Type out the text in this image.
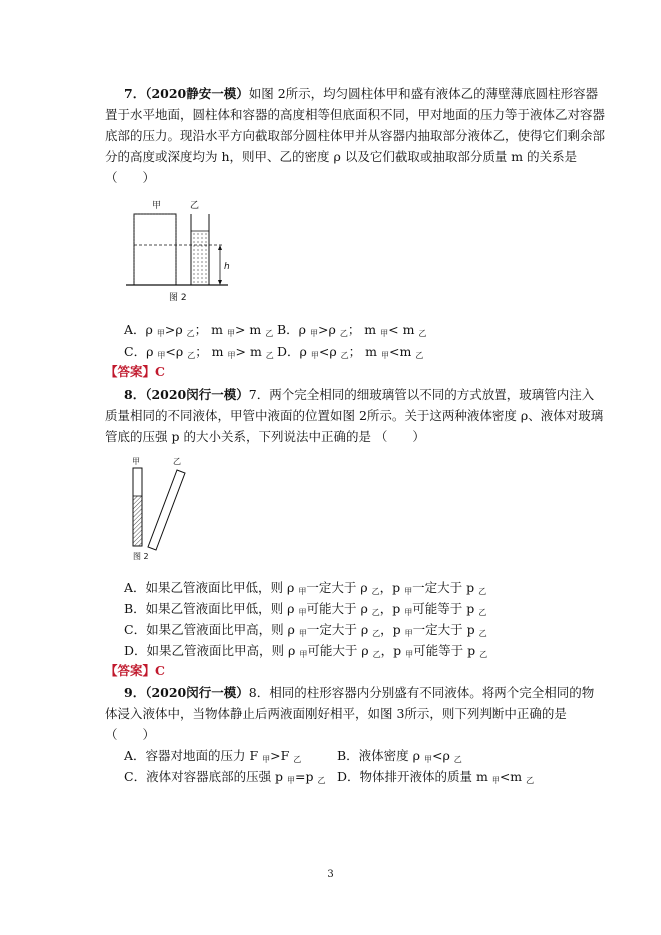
7．（2020静安一模）如图 2所示，均匀圆柱体甲和盛有液体乙的薄壁薄底圆柱形容器
置于水平地面，圆柱体和容器的高度相等但底面积不同，甲对地面的压力等于液体乙对容器
底部的压力。现沿水平方向截取部分圆柱体甲并从容器内抽取部分液体乙，使得它们剩余部
分的高度或深度均为 h，则甲、乙的密度 ρ 以及它们截取或抽取部分质量 m 的关系是
（　　）
甲	乙
h
图 2
A．ρ $_甲$>ρ $_乙$； m $_甲$> m $_乙$ B．ρ $_甲$>ρ $_乙$； m $_甲$< m $_乙$
C．ρ $_甲$<ρ $_乙$； m $_甲$> m $_乙$ D．ρ $_甲$<ρ $_乙$； m $_甲$<m $_乙$
【答案】C
8．（2020闵行一模）7．两个完全相同的细玻璃管以不同的方式放置，玻璃管内注入
质量相同的不同液体，甲管中液面的位置如图 2所示。关于这两种液体密度 ρ、液体对玻璃
管底的压强 p 的大小关系，下列说法中正确的是 （　　）
甲	乙
图 2
A．如果乙管液面比甲低，则 ρ $_甲$一定大于 ρ $_乙$，p $_甲$一定大于 p $_乙$
B．如果乙管液面比甲低，则 ρ $_甲$可能大于 ρ $_乙$，p $_甲$可能等于 p $_乙$
C．如果乙管液面比甲高，则 ρ $_甲$一定大于 ρ $_乙$，p $_甲$一定大于 p $_乙$
D．如果乙管液面比甲高，则 ρ $_甲$可能大于 ρ $_乙$，p $_甲$可能等于 p $_乙$
【答案】C
9．（2020闵行一模）8．相同的柱形容器内分别盛有不同液体。将两个完全相同的物
体浸入液体中，当物体静止后两液面刚好相平，如图 3所示，则下列判断中正确的是
（　　）
A．容器对地面的压力 F $_甲$>F $_乙$	B．液体密度 ρ $_甲$<ρ $_乙$
C．液体对容器底部的压强 p $_甲$=p $_乙$ D．物体排开液体的质量 m $_甲$<m $_乙$
3
